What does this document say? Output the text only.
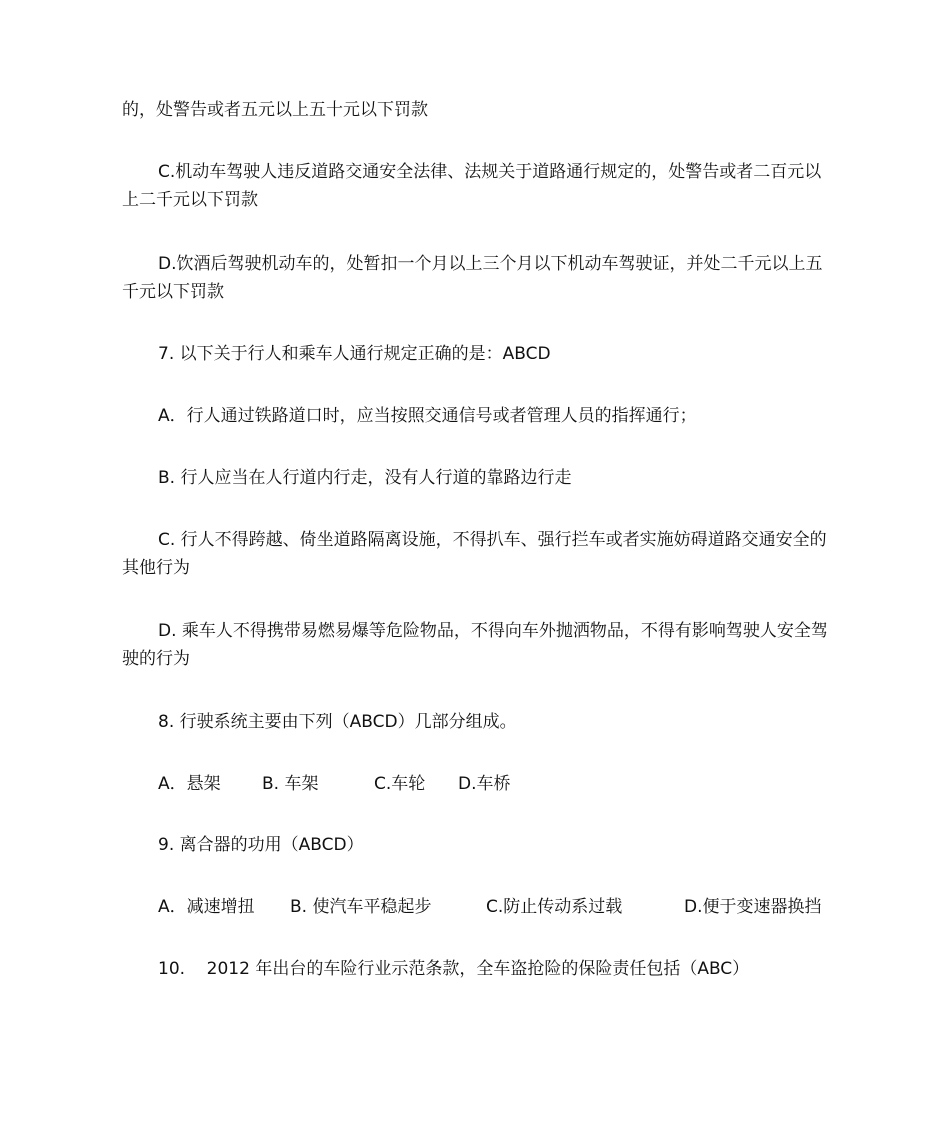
的，处警告或者五元以上五十元以下罚款

C.机动车驾驶人违反道路交通安全法律、法规关于道路通行规定的，处警告或者二百元以上二千元以下罚款

D.饮酒后驾驶机动车的，处暂扣一个月以上三个月以下机动车驾驶证，并处二千元以上五千元以下罚款

7. 以下关于行人和乘车人通行规定正确的是：ABCD

A．行人通过铁路道口时，应当按照交通信号或者管理人员的指挥通行；

B. 行人应当在人行道内行走，没有人行道的靠路边行走

C. 行人不得跨越、倚坐道路隔离设施，不得扒车、强行拦车或者实施妨碍道路交通安全的其他行为

D. 乘车人不得携带易燃易爆等危险物品，不得向车外抛洒物品，不得有影响驾驶人安全驾驶的行为

8. 行驶系统主要由下列（ABCD）几部分组成。

A．悬架 B. 车架	C.车轮 D.车桥

9. 离合器的功用（ABCD）

A．减速增扭 B. 使汽车平稳起步	C.防止传动系过载	D.便于变速器换挡

10.    2012 年出台的车险行业示范条款，全车盗抢险的保险责任包括（ABC）
